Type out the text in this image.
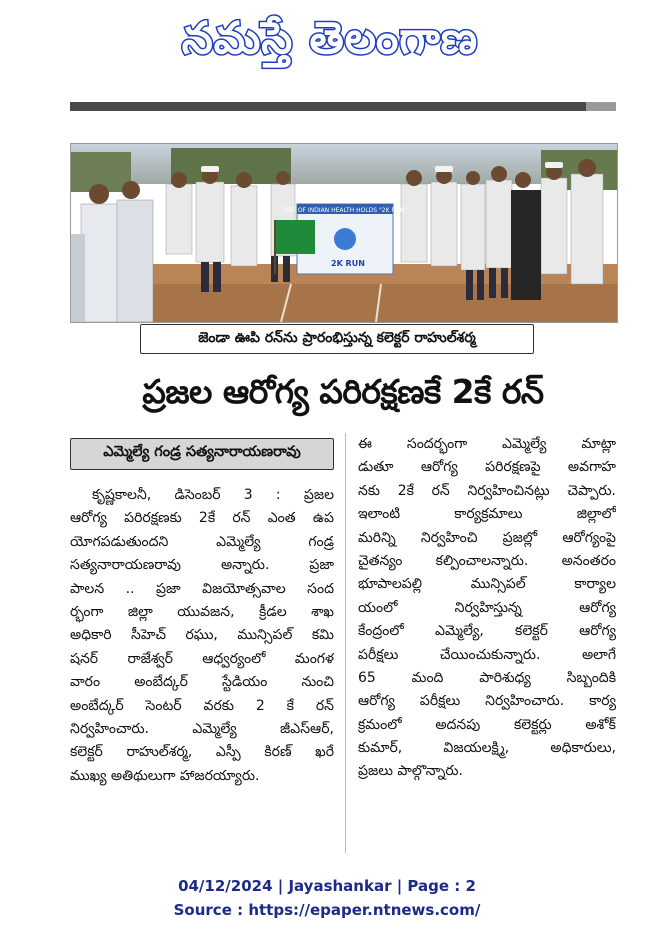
నమస్తే తెలంగాణ
FIRE OF INDIAN HEALTH HOLDS "2K RUN"
2K RUN
జెండా ఊపి రన్‌ను ప్రారంభిస్తున్న కలెక్టర్‌ రాహుల్‌శర్మ
ప్రజల ఆరోగ్య పరిరక్షణకే 2కే రన్‌
ఎమ్మెల్యే గండ్ర సత్యనారాయణరావు
కృష్ణకాలనీ, డిసెంబర్‌ 3 : ప్రజల
ఆరోగ్య పరిరక్షణకు 2కే రన్‌ ఎంత ఉప
యోగపడుతుందని ఎమ్మెల్యే గండ్ర
సత్యనారాయణరావు అన్నారు. ప్రజా
పాలన .. ప్రజా విజయోత్సవాల సంద
ర్భంగా జిల్లా యువజన, క్రీడల శాఖ
అధికారి సీహెచ్‌ రఘు, మున్సిపల్‌ కమి
షనర్‌ రాజేశ్వర్‌ ఆధ్వర్యంలో మంగళ
వారం అంబేద్కర్‌ స్టేడియం నుంచి
అంబేద్కర్‌ సెంటర్‌ వరకు 2 కే రన్‌
నిర్వహించారు. ఎమ్మెల్యే జీఎస్‌ఆర్‌,
కలెక్టర్‌ రాహుల్‌శర్మ, ఎస్పీ కిరణ్‌ ఖరే
ముఖ్య అతిథులుగా హాజరయ్యారు.
ఈ సందర్భంగా ఎమ్మెల్యే మాట్లా
డుతూ ఆరోగ్య పరిరక్షణపై అవగాహ
నకు 2కే రన్‌ నిర్వహించినట్లు చెప్పారు.
ఇలాంటి కార్యక్రమాలు జిల్లాలో
మరిన్ని నిర్వహించి ప్రజల్లో ఆరోగ్యంపై
చైతన్యం కల్పించాలన్నారు. అనంతరం
భూపాలపల్లి మున్సిపల్‌ కార్యాల
యంలో నిర్వహిస్తున్న ఆరోగ్య
కేంద్రంలో ఎమ్మెల్యే, కలెక్టర్‌ ఆరోగ్య
పరీక్షలు చేయించుకున్నారు. అలాగే
65 మంది పారిశుధ్య సిబ్బందికి
ఆరోగ్య పరీక్షలు నిర్వహించారు. కార్య
క్రమంలో అదనపు కలెక్టర్లు అశోక్‌
కుమార్‌, విజయలక్ష్మి, అధికారులు,
ప్రజలు పాల్గొన్నారు.
04/12/2024 | Jayashankar | Page : 2
Source : https://epaper.ntnews.com/
